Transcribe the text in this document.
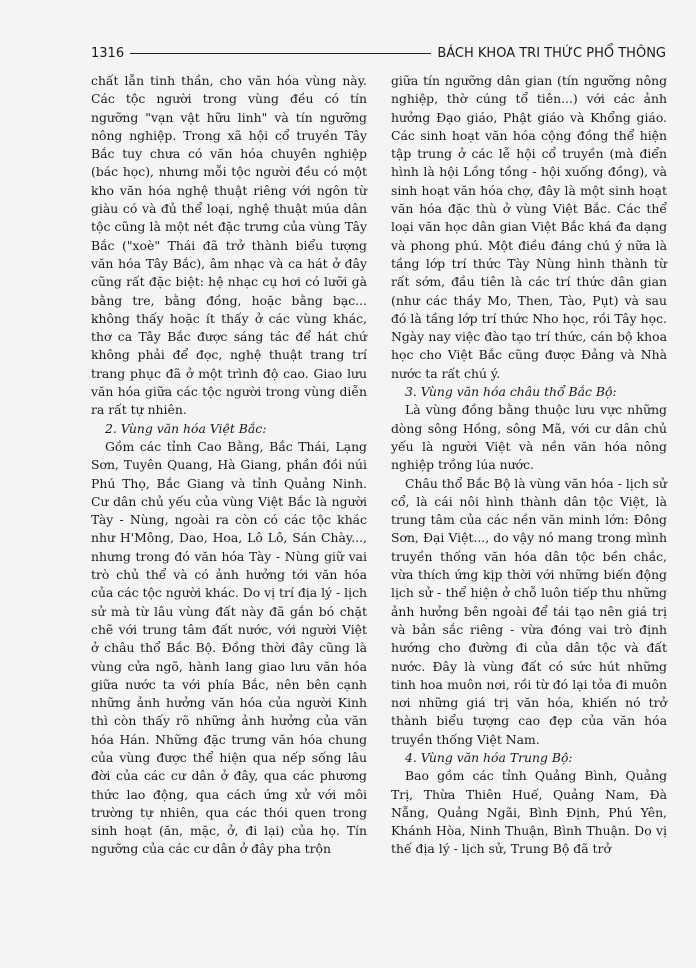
1316	BÁCH KHOA TRI THỨC PHỔ THÔNG

chất lẫn tinh thần, cho văn hóa vùng này. Các tộc người trong vùng đều có tín ngưỡng "vạn vật hữu linh" và tín ngưỡng nông nghiệp. Trong xã hội cổ truyền Tây Bắc tuy chưa có văn hóa chuyên nghiệp (bác học), nhưng mỗi tộc người đều có một kho văn hóa nghệ thuật riêng với ngôn từ giàu có và đủ thể loại, nghệ thuật múa dân tộc cũng là một nét đặc trưng của vùng Tây Bắc ("xoè" Thái đã trở thành biểu tượng văn hóa Tây Bắc), âm nhạc và ca hát ở đây cũng rất đặc biệt: hệ nhạc cụ hơi có lưỡi gà bằng tre, bằng đồng, hoặc bằng bạc... không thấy hoặc ít thấy ở các vùng khác, thơ ca Tây Bắc được sáng tác để hát chứ không phải để đọc, nghệ thuật trang trí trang phục đã ở một trình độ cao. Giao lưu văn hóa giữa các tộc người trong vùng diễn ra rất tự nhiên.

2. Vùng văn hóa Việt Bắc:

Gồm các tỉnh Cao Bằng, Bắc Thái, Lạng Sơn, Tuyên Quang, Hà Giang, phần đồi núi Phú Thọ, Bắc Giang và tỉnh Quảng Ninh. Cư dân chủ yếu của vùng Việt Bắc là người Tày - Nùng, ngoài ra còn có các tộc khác như H'Mông, Dao, Hoa, Lô Lô, Sán Chày..., nhưng trong đó văn hóa Tày - Nùng giữ vai trò chủ thể và có ảnh hưởng tới văn hóa của các tộc người khác. Do vị trí địa lý - lịch sử mà từ lâu vùng đất này đã gắn bó chặt chẽ với trung tâm đất nước, với người Việt ở châu thổ Bắc Bộ. Đồng thời đây cũng là vùng cửa ngõ, hành lang giao lưu văn hóa giữa nước ta với phía Bắc, nên bên cạnh những ảnh hưởng văn hóa của người Kinh thì còn thấy rõ những ảnh hưởng của văn hóa Hán. Những đặc trưng văn hóa chung của vùng được thể hiện qua nếp sống lâu đời của các cư dân ở đây, qua các phương thức lao động, qua cách ứng xử với môi trường tự nhiên, qua các thói quen trong sinh hoạt (ăn, mặc, ở, đi lại) của họ. Tín ngưỡng của các cư dân ở đây pha trộn

giữa tín ngưỡng dân gian (tín ngưỡng nông nghiệp, thờ cúng tổ tiên...) với các ảnh hưởng Đạo giáo, Phật giáo và Khổng giáo. Các sinh hoạt văn hóa cộng đồng thể hiện tập trung ở các lễ hội cổ truyền (mà điển hình là hội Lồng tồng - hội xuống đồng), và sinh hoạt văn hóa chợ, đây là một sinh hoạt văn hóa đặc thù ở vùng Việt Bắc. Các thể loại văn học dân gian Việt Bắc khá đa dạng và phong phú. Một điều đáng chú ý nữa là tầng lớp trí thức Tày Nùng hình thành từ rất sớm, đầu tiên là các trí thức dân gian (như các thầy Mo, Then, Tào, Pụt) và sau đó là tầng lớp trí thức Nho học, rồi Tây học. Ngày nay việc đào tạo trí thức, cán bộ khoa học cho Việt Bắc cũng được Đảng và Nhà nước ta rất chú ý.

3. Vùng văn hóa châu thổ Bắc Bộ:

Là vùng đồng bằng thuộc lưu vực những dòng sông Hồng, sông Mã, với cư dân chủ yếu là người Việt và nền văn hóa nông nghiệp trồng lúa nước.

Châu thổ Bắc Bộ là vùng văn hóa - lịch sử cổ, là cái nôi hình thành dân tộc Việt, là trung tâm của các nền văn minh lớn: Đông Sơn, Đại Việt..., do vậy nó mang trong mình truyền thống văn hóa dân tộc bền chắc, vừa thích ứng kịp thời với những biến động lịch sử - thể hiện ở chỗ luôn tiếp thu những ảnh hưởng bên ngoài để tái tạo nên giá trị và bản sắc riêng - vừa đóng vai trò định hướng cho đường đi của dân tộc và đất nước. Đây là vùng đất có sức hút những tinh hoa muôn nơi, rồi từ đó lại tỏa đi muôn nơi những giá trị văn hóa, khiến nó trở thành biểu tượng cao đẹp của văn hóa truyền thống Việt Nam.

4. Vùng văn hóa Trung Bộ:

Bao gồm các tỉnh Quảng Bình, Quảng Trị, Thừa Thiên Huế, Quảng Nam, Đà Nẵng, Quảng Ngãi, Bình Định, Phú Yên, Khánh Hòa, Ninh Thuận, Bình Thuận. Do vị thế địa lý - lịch sử, Trung Bộ đã trở
